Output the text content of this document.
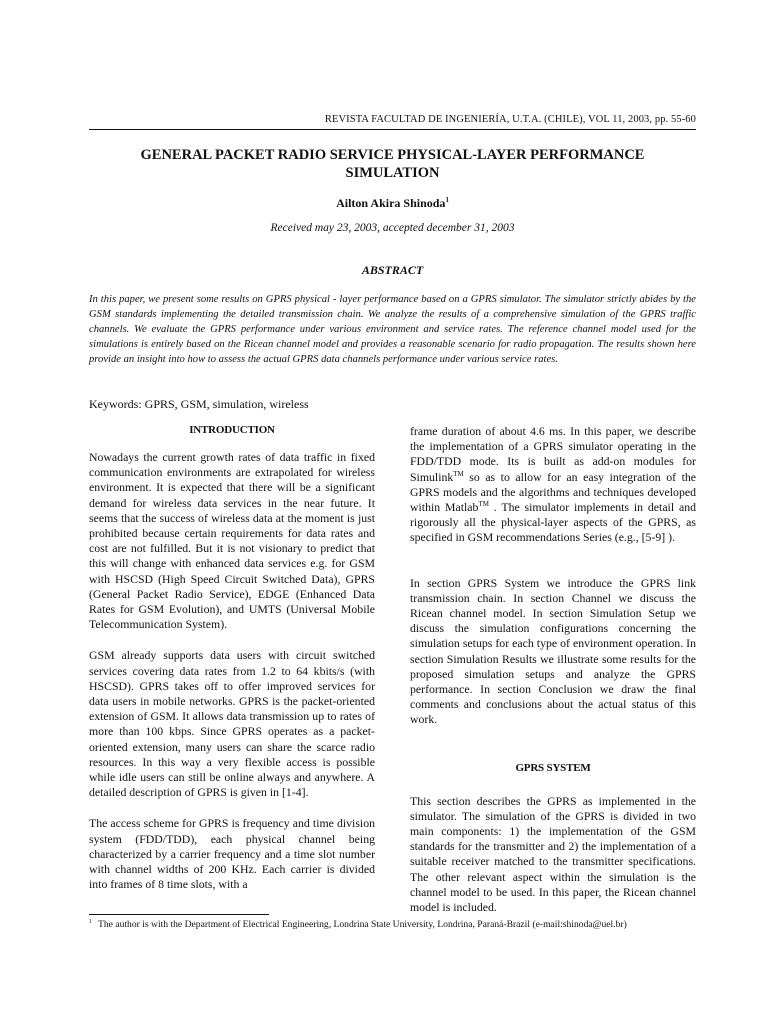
REVISTA FACULTAD DE INGENIERÍA, U.T.A. (CHILE), VOL 11, 2003, pp. 55-60
GENERAL PACKET RADIO SERVICE PHYSICAL-LAYER PERFORMANCE
SIMULATION
Ailton Akira Shinoda$^1$
Received may 23, 2003, accepted december 31, 2003
ABSTRACT

In this paper, we present some results on GPRS physical - layer performance based on a GPRS simulator. The simulator strictly abides by the GSM standards implementing the detailed transmission chain. We analyze the results of a comprehensive simulation of the GPRS traffic channels. We evaluate the GPRS performance under various environment and service rates. The reference channel model used for the simulations is entirely based on the Ricean channel model and provides a reasonable scenario for radio propagation. The results shown here provide an insight into how to assess the actual GPRS data channels performance under various service rates.

Keywords: GPRS, GSM, simulation, wireless
INTRODUCTION

Nowadays the current growth rates of data traffic in fixed communication environments are extrapolated for wireless environment. It is expected that there will be a significant demand for wireless data services in the near future. It seems that the success of wireless data at the moment is just prohibited because certain requirements for data rates and cost are not fulfilled. But it is not visionary to predict that this will change with enhanced data services e.g. for GSM with HSCSD (High Speed Circuit Switched Data), GPRS (General Packet Radio Service), EDGE (Enhanced Data Rates for GSM Evolution), and UMTS (Universal Mobile Telecommunication System).

GSM already supports data users with circuit switched services covering data rates from 1.2 to 64 kbits/s (with HSCSD). GPRS takes off to offer improved services for data users in mobile networks. GPRS is the packet-oriented extension of GSM. It allows data transmission up to rates of more than 100 kbps. Since GPRS operates as a packet-oriented extension, many users can share the scarce radio resources. In this way a very flexible access is possible while idle users can still be online always and anywhere. A detailed description of GPRS is given in [1-4].

The access scheme for GPRS is frequency and time division system (FDD/TDD), each physical channel being characterized by a carrier frequency and a time slot number with channel widths of 200 KHz. Each carrier is divided into frames of 8 time slots, with a

frame duration of about 4.6 ms. In this paper, we describe the implementation of a GPRS simulator operating in the FDD/TDD mode. Its is built as add-on modules for Simulink™ so as to allow for an easy integration of the GPRS models and the algorithms and techniques developed within Matlab™ . The simulator implements in detail and rigorously all the physical-layer aspects of the GPRS, as specified in GSM recommendations Series (e.g., [5-9] ).

In section GPRS System we introduce the GPRS link transmission chain. In section Channel we discuss the Ricean channel model. In section Simulation Setup we discuss the simulation configurations concerning the simulation setups for each type of environment operation. In section Simulation Results we illustrate some results for the proposed simulation setups and analyze the GPRS performance. In section Conclusion we draw the final comments and conclusions about the actual status of this work.

GPRS SYSTEM

This section describes the GPRS as implemented in the simulator. The simulation of the GPRS is divided in two main components: 1) the implementation of the GSM standards for the transmitter and 2) the implementation of a suitable receiver matched to the transmitter specifications. The other relevant aspect within the simulation is the channel model to be used. In this paper, the Ricean channel model is included.

$^1$ The author is with the Department of Electrical Engineering, Londrina State University, Londrina, Paraná-Brazil (e-mail:shinoda@uel.br)
